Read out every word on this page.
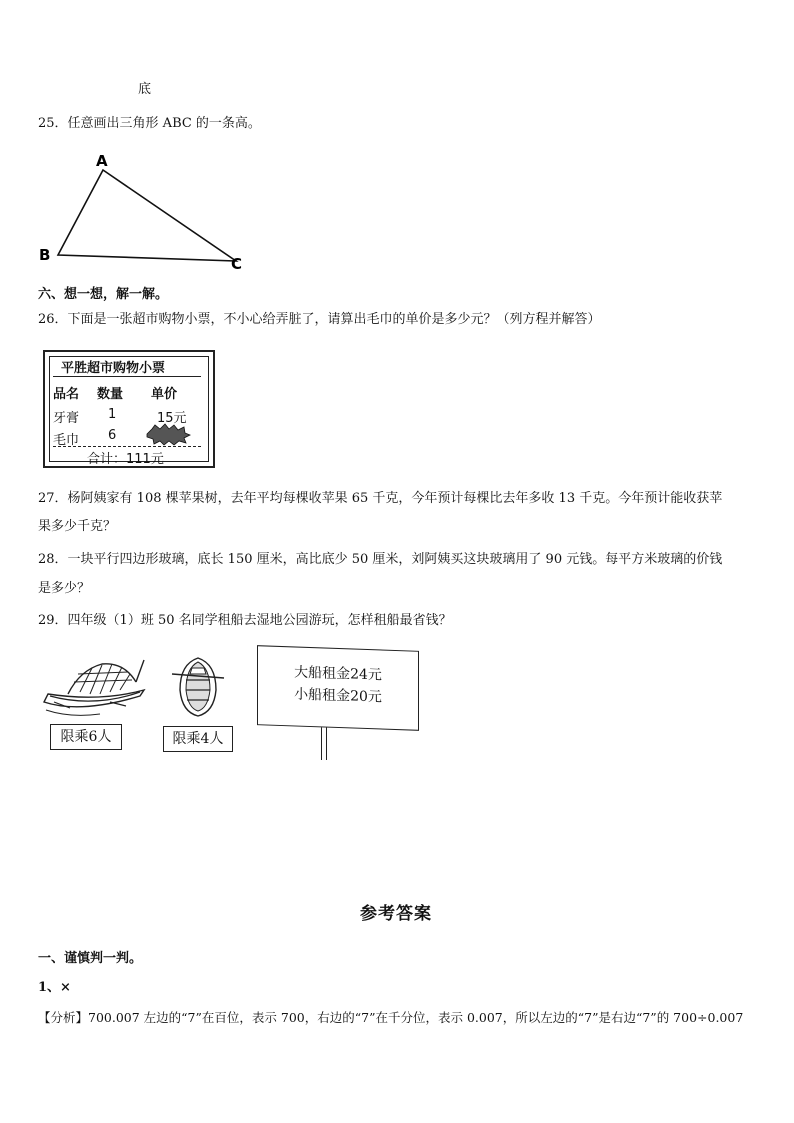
底
25．任意画出三角形 ABC 的一条高。
A
B	C
六、想一想，解一解。
26．下面是一张超市购物小票，不小心给弄脏了，请算出毛巾的单价是多少元？（列方程并解答）
平胜超市购物小票
品名 数量 单价
牙膏 1	15元
毛巾 6
合计：111元
27．杨阿姨家有 108 棵苹果树，去年平均每棵收苹果 65 千克，今年预计每棵比去年多收 13 千克。今年预计能收获苹
果多少千克？
28．一块平行四边形玻璃，底长 150 厘米，高比底少 50 厘米，刘阿姨买这块玻璃用了 90 元钱。每平方米玻璃的价钱
是多少？
29．四年级（1）班 50 名同学租船去湿地公园游玩，怎样租船最省钱？
限乘6人	限乘4人
大船租金24元
小船租金20元
参考答案
一、谨慎判一判。
1、×
【分析】700.007 左边的“7”在百位，表示 700，右边的“7”在千分位，表示 0.007，所以左边的“7”是右边“7”的 700÷0.007
